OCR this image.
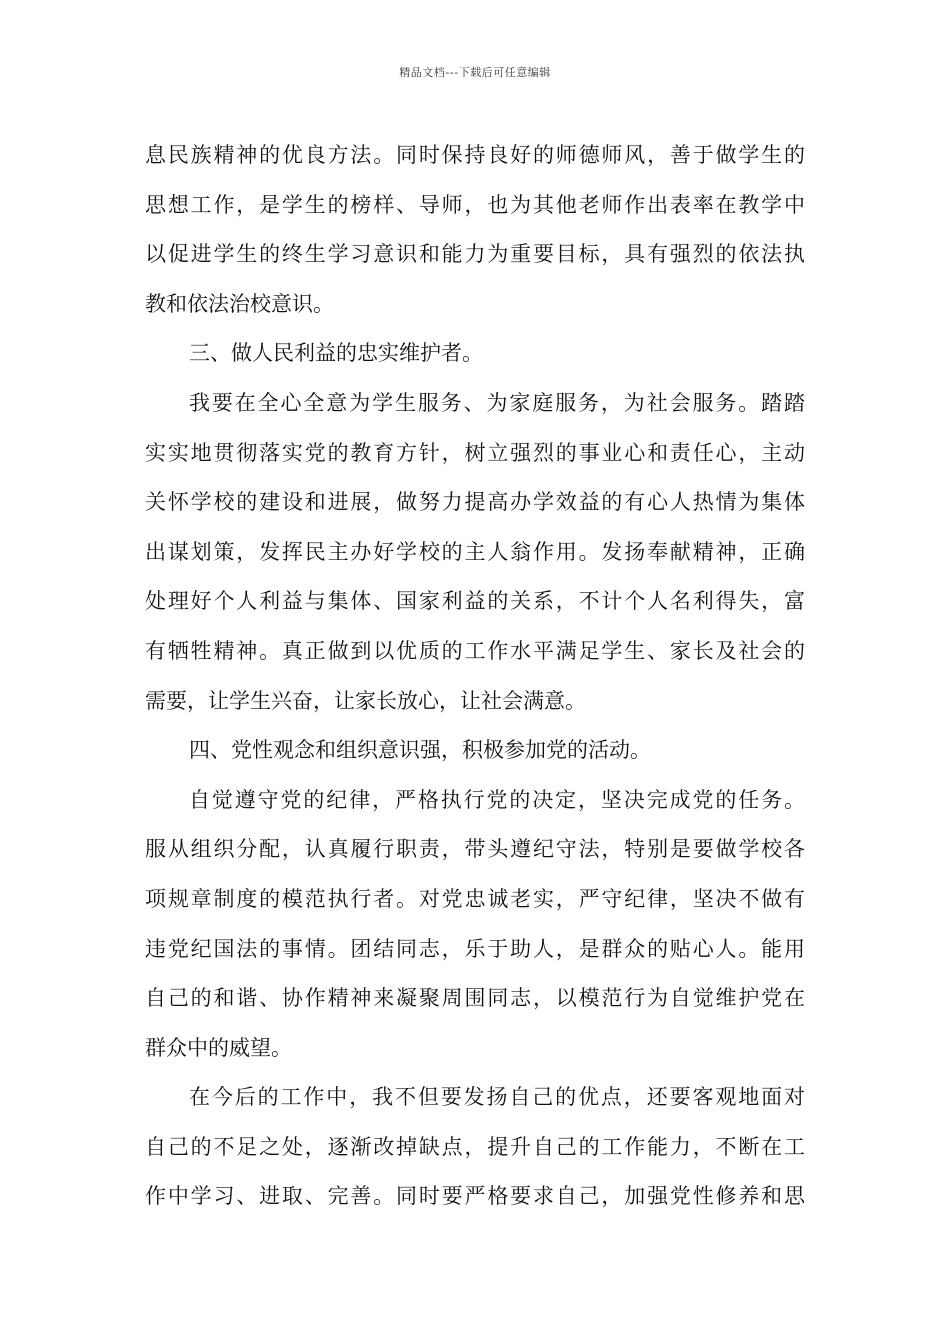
精品文档---下载后可任意编辑
息民族精神的优良方法。同时保持良好的师德师风，善于做学生的
思想工作，是学生的榜样、导师，也为其他老师作出表率在教学中
以促进学生的终生学习意识和能力为重要目标，具有强烈的依法执
教和依法治校意识。
三、做人民利益的忠实维护者。
我要在全心全意为学生服务、为家庭服务，为社会服务。踏踏
实实地贯彻落实党的教育方针，树立强烈的事业心和责任心，主动
关怀学校的建设和进展，做努力提高办学效益的有心人热情为集体
出谋划策，发挥民主办好学校的主人翁作用。发扬奉献精神，正确
处理好个人利益与集体、国家利益的关系，不计个人名利得失，富
有牺牲精神。真正做到以优质的工作水平满足学生、家长及社会的
需要，让学生兴奋，让家长放心，让社会满意。
四、党性观念和组织意识强，积极参加党的活动。
自觉遵守党的纪律，严格执行党的决定，坚决完成党的任务。
服从组织分配，认真履行职责，带头遵纪守法，特别是要做学校各
项规章制度的模范执行者。对党忠诚老实，严守纪律，坚决不做有
违党纪国法的事情。团结同志，乐于助人，是群众的贴心人。能用
自己的和谐、协作精神来凝聚周围同志，以模范行为自觉维护党在
群众中的威望。
在今后的工作中，我不但要发扬自己的优点，还要客观地面对
自己的不足之处，逐渐改掉缺点，提升自己的工作能力，不断在工
作中学习、进取、完善。同时要严格要求自己，加强党性修养和思
